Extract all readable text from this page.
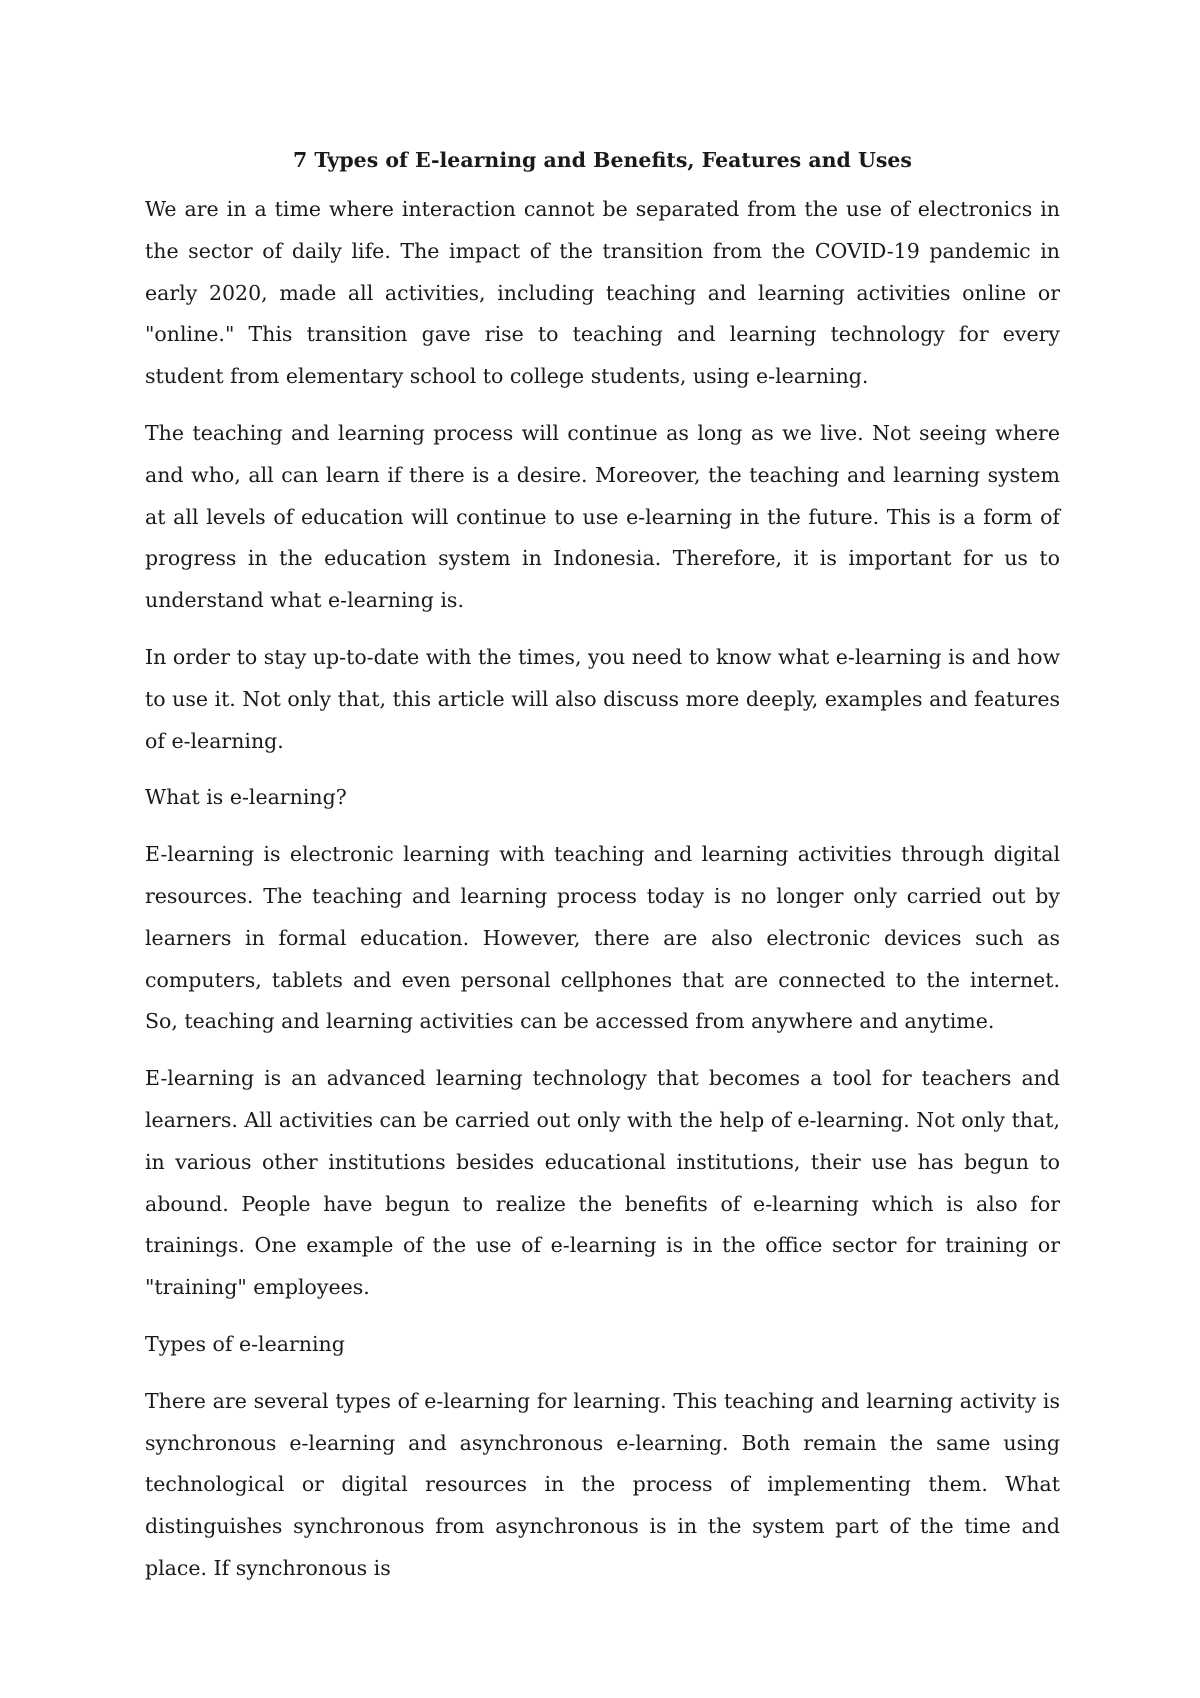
7 Types of E-learning and Benefits, Features and Uses

We are in a time where interaction cannot be separated from the use of electronics in the sector of daily life. The impact of the transition from the COVID-19 pandemic in early 2020, made all activities, including teaching and learning activities online or "online." This transition gave rise to teaching and learning technology for every student from elementary school to college students, using e-learning.

The teaching and learning process will continue as long as we live. Not seeing where and who, all can learn if there is a desire. Moreover, the teaching and learning system at all levels of education will continue to use e-learning in the future. This is a form of progress in the education system in Indonesia. Therefore, it is important for us to understand what e-learning is.

In order to stay up-to-date with the times, you need to know what e-learning is and how to use it. Not only that, this article will also discuss more deeply, examples and features of e-learning.

What is e-learning?

E-learning is electronic learning with teaching and learning activities through digital resources. The teaching and learning process today is no longer only carried out by learners in formal education. However, there are also electronic devices such as computers, tablets and even personal cellphones that are connected to the internet. So, teaching and learning activities can be accessed from anywhere and anytime.

E-learning is an advanced learning technology that becomes a tool for teachers and learners. All activities can be carried out only with the help of e-learning. Not only that, in various other institutions besides educational institutions, their use has begun to abound. People have begun to realize the benefits of e-learning which is also for trainings. One example of the use of e-learning is in the office sector for training or "training" employees.

Types of e-learning

There are several types of e-learning for learning. This teaching and learning activity is synchronous e-learning and asynchronous e-learning. Both remain the same using technological or digital resources in the process of implementing them. What distinguishes synchronous from asynchronous is in the system part of the time and place. If synchronous is
